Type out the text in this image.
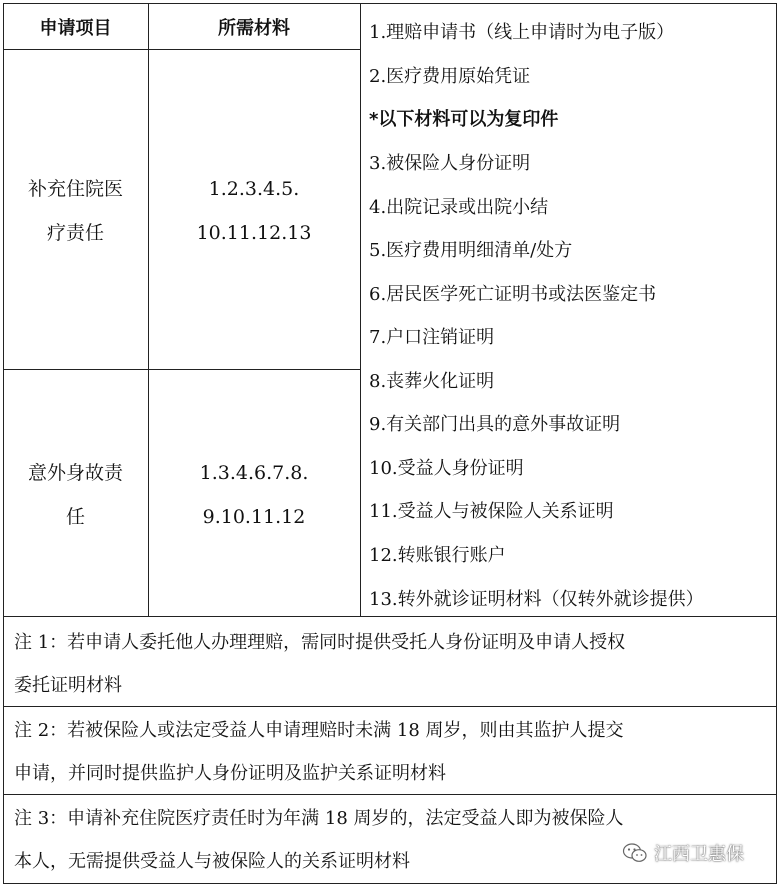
申请项目	所需材料
补充住院医
疗责任
1.2.3.4.5.
10.11.12.13
意外身故责
任
1.3.4.6.7.8.
9.10.11.12
1.理赔申请书（线上申请时为电子版）
2.医疗费用原始凭证
*以下材料可以为复印件
3.被保险人身份证明
4.出院记录或出院小结
5.医疗费用明细清单/处方
6.居民医学死亡证明书或法医鉴定书
7.户口注销证明
8.丧葬火化证明
9.有关部门出具的意外事故证明
10.受益人身份证明
11.受益人与被保险人关系证明
12.转账银行账户
13.转外就诊证明材料（仅转外就诊提供）
注 1：若申请人委托他人办理理赔，需同时提供受托人身份证明及申请人授权
委托证明材料
注 2：若被保险人或法定受益人申请理赔时未满 18 周岁，则由其监护人提交
申请，并同时提供监护人身份证明及监护关系证明材料
注 3：申请补充住院医疗责任时为年满 18 周岁的，法定受益人即为被保险人
本人，无需提供受益人与被保险人的关系证明材料	江西卫惠保
